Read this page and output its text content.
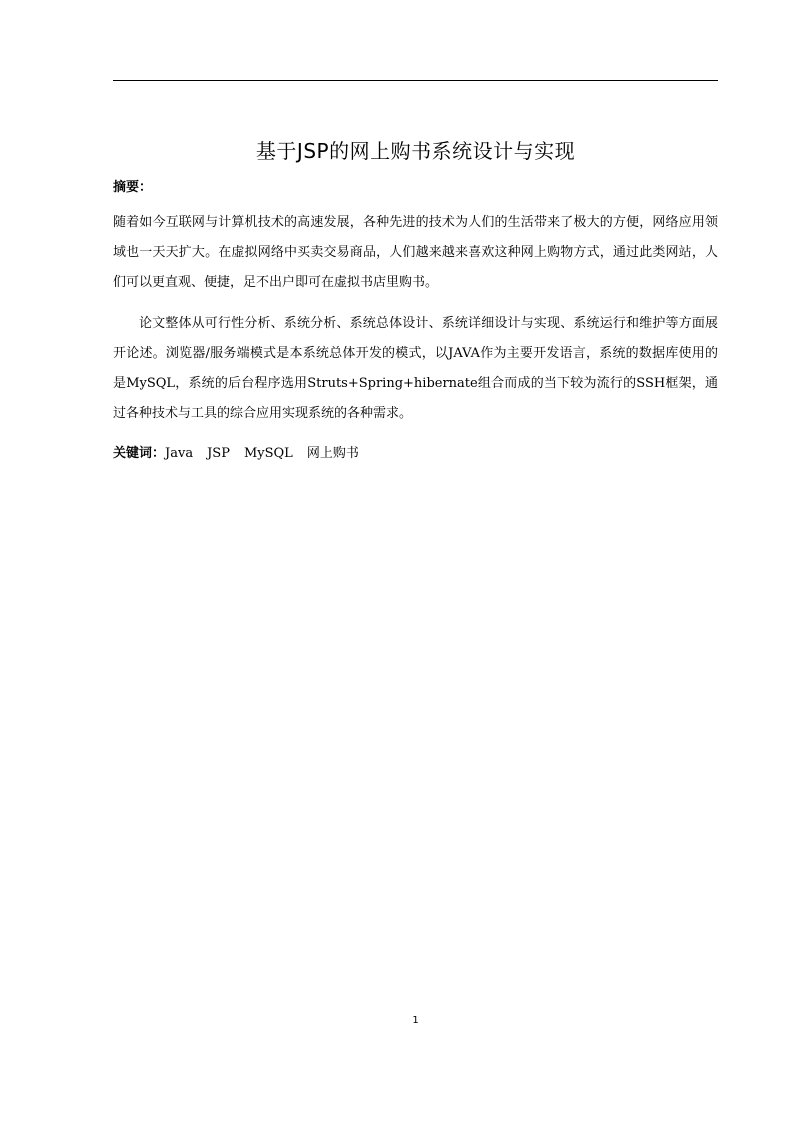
基于JSP的网上购书系统设计与实现
摘要：

随着如今互联网与计算机技术的高速发展，各种先进的技术为人们的生活带来了极大的方便，网络应用领域也一天天扩大。在虚拟网络中买卖交易商品，人们越来越来喜欢这种网上购物方式，通过此类网站，人们可以更直观、便捷，足不出户即可在虚拟书店里购书。

论文整体从可行性分析、系统分析、系统总体设计、系统详细设计与实现、系统运行和维护等方面展开论述。浏览器/服务端模式是本系统总体开发的模式，以JAVA作为主要开发语言，系统的数据库使用的是MySQL，系统的后台程序选用Struts+Spring+hibernate组合而成的当下较为流行的SSH框架，通过各种技术与工具的综合应用实现系统的各种需求。

关键词：Java JSP MySQL 网上购书
1
